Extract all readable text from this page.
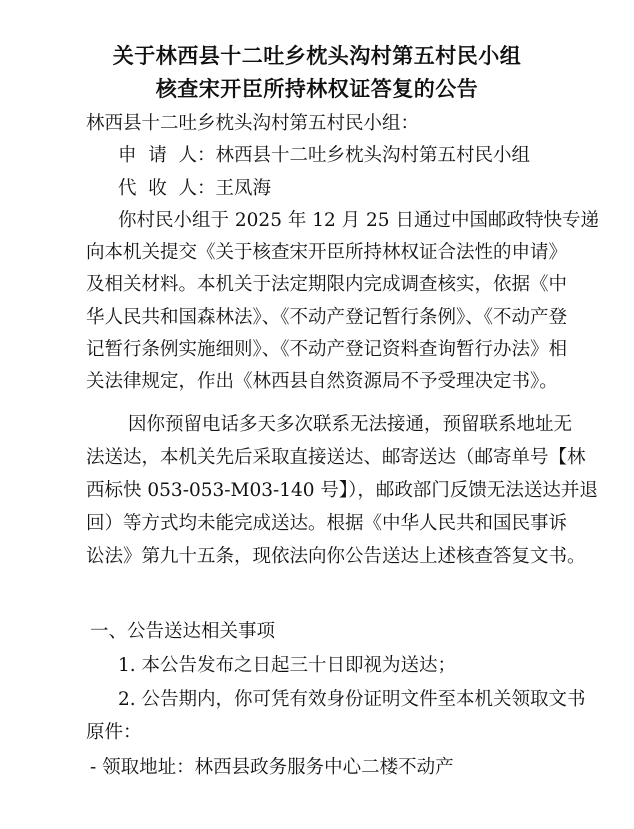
关于林西县十二吐乡枕头沟村第五村民小组
核查宋开臣所持林权证答复的公告
林西县十二吐乡枕头沟村第五村民小组：
申  请  人：林西县十二吐乡枕头沟村第五村民小组
代  收  人：王凤海
你村民小组于 2025 年 12 月 25 日通过中国邮政特快专递
向本机关提交《关于核查宋开臣所持林权证合法性的申请》
及相关材料。本机关于法定期限内完成调查核实，依据《中
华人民共和国森林法》、《不动产登记暂行条例》、《不动产登
记暂行条例实施细则》、《不动产登记资料查询暂行办法》相
关法律规定，作出《林西县自然资源局不予受理决定书》。
因你预留电话多天多次联系无法接通，预留联系地址无
法送达，本机关先后采取直接送达、邮寄送达（邮寄单号【林
西标快 053-053-M03-140 号】），邮政部门反馈无法送达并退
回）等方式均未能完成送达。根据《中华人民共和国民事诉
讼法》第九十五条，现依法向你公告送达上述核查答复文书。
一、公告送达相关事项
1. 本公告发布之日起三十日即视为送达；
2. 公告期内，你可凭有效身份证明文件至本机关领取文书
原件：
- 领取地址：林西县政务服务中心二楼不动产
